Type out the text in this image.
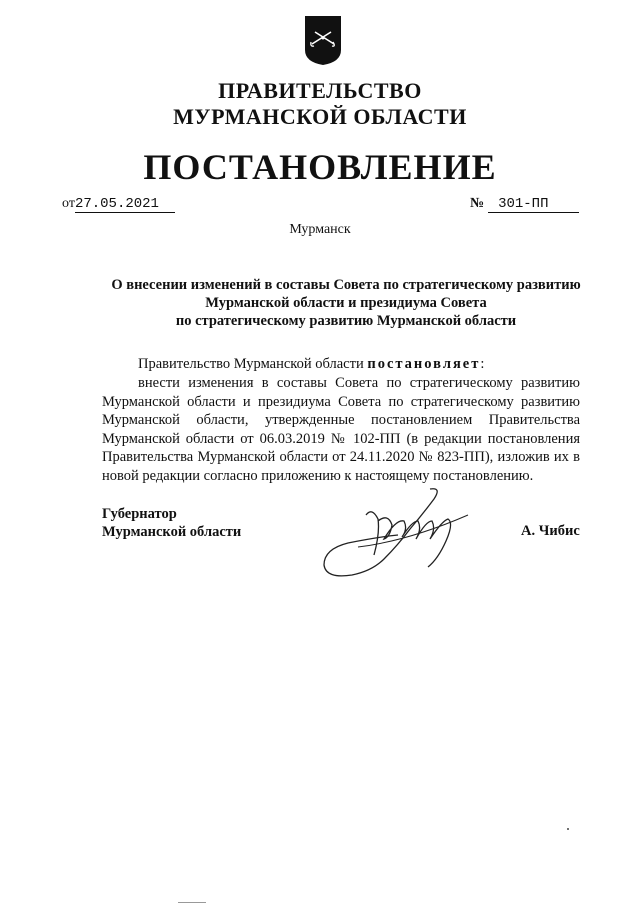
ПРАВИТЕЛЬСТВО
МУРМАНСКОЙ ОБЛАСТИ
ПОСТАНОВЛЕНИЕ
от27.05.2021	№ 301-ПП
Мурманск
О внесении изменений в составы Совета по стратегическому развитию
Мурманской области и президиума Совета
по стратегическому развитию Мурманской области
Правительство Мурманской области постановляет:
внести изменения в составы Совета по стратегическому развитию Мурманской области и президиума Совета по стратегическому развитию Мурманской области, утвержденные постановлением Правительства Мурманской области от 06.03.2019 № 102-ПП (в редакции постановления Правительства Мурманской области от 24.11.2020 № 823-ПП), изложив их в новой редакции согласно приложению к настоящему постановлению.
Губернатор
Мурманской области	А. Чибис
